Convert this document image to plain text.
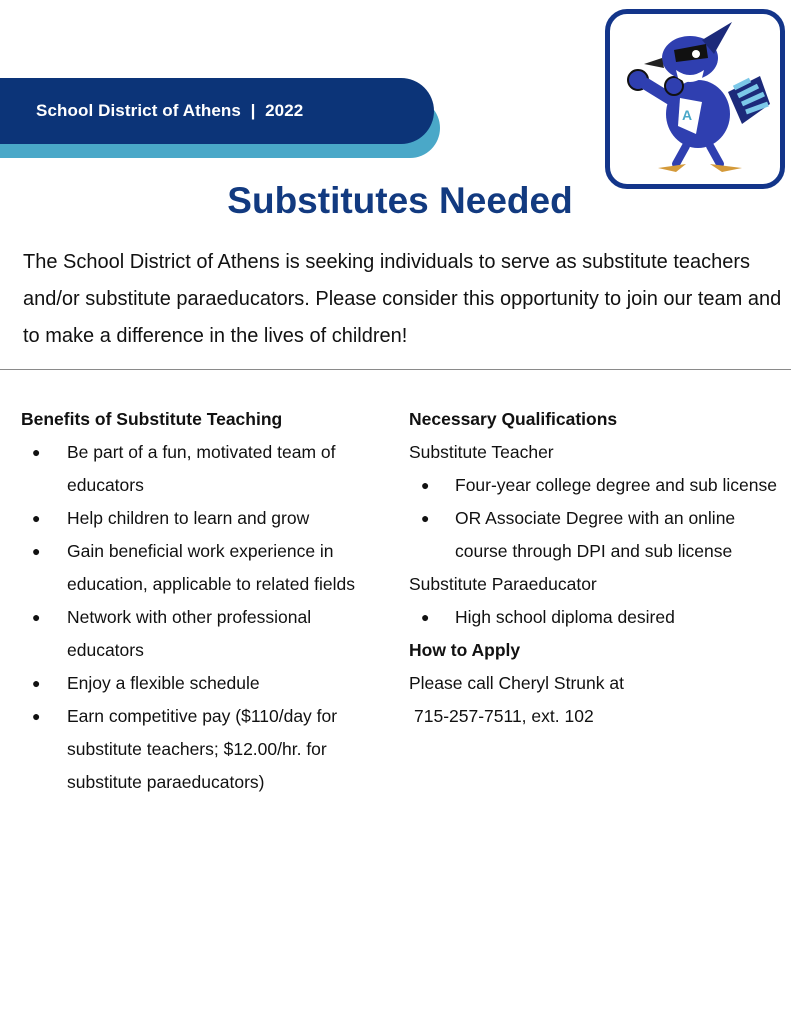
School District of Athens  |  2022	A
Substitutes Needed

The School District of Athens is seeking individuals to serve as substitute teachers and/or substitute paraeducators. Please consider this opportunity to join our team and to make a difference in the lives of children!

Benefits of Substitute Teaching

● Be part of a fun, motivated team of educators
● Help children to learn and grow
● Gain beneficial work experience in education, applicable to related fields
● Network with other professional educators
● Enjoy a flexible schedule
● Earn competitive pay ($110/day for substitute teachers; $12.00/hr. for substitute paraeducators)

Necessary Qualifications

Substitute Teacher

● Four-year college degree and sub license
● OR Associate Degree with an online course through DPI and sub license

Substitute Paraeducator

● High school diploma desired

How to Apply

Please call Cheryl Strunk at

715-257-7511, ext. 102
